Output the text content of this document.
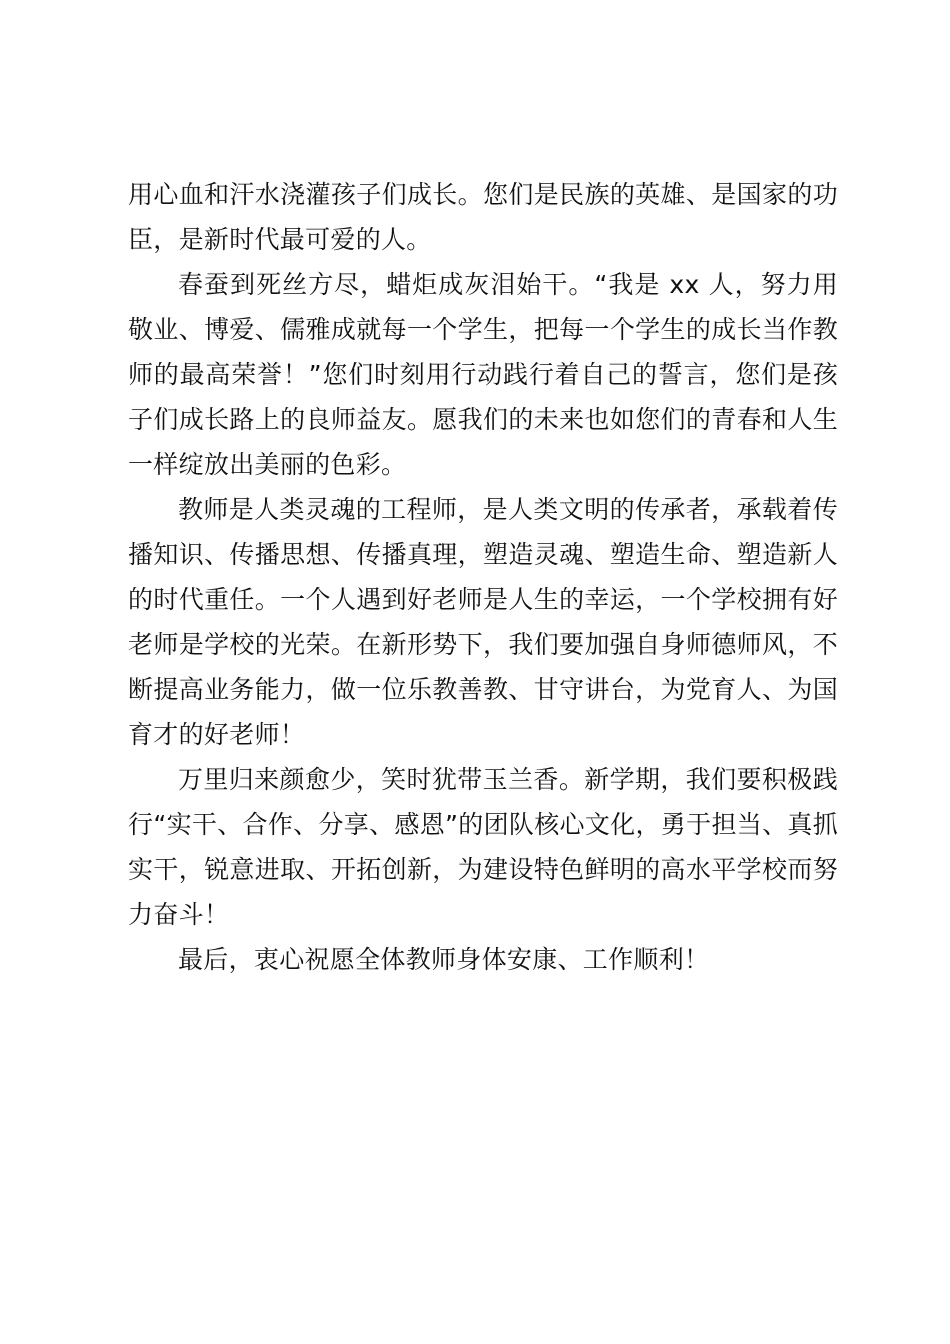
用心血和汗水浇灌孩子们成长。您们是民族的英雄、是国家的功臣，是新时代最可爱的人。

春蚕到死丝方尽，蜡炬成灰泪始干。“我是 xx 人，努力用敬业、博爱、儒雅成就每一个学生，把每一个学生的成长当作教师的最高荣誉！”您们时刻用行动践行着自己的誓言，您们是孩子们成长路上的良师益友。愿我们的未来也如您们的青春和人生一样绽放出美丽的色彩。

教师是人类灵魂的工程师，是人类文明的传承者，承载着传播知识、传播思想、传播真理，塑造灵魂、塑造生命、塑造新人的时代重任。一个人遇到好老师是人生的幸运，一个学校拥有好老师是学校的光荣。在新形势下，我们要加强自身师德师风，不断提高业务能力，做一位乐教善教、甘守讲台，为党育人、为国育才的好老师！

万里归来颜愈少，笑时犹带玉兰香。新学期，我们要积极践行“实干、合作、分享、感恩”的团队核心文化，勇于担当、真抓实干，锐意进取、开拓创新，为建设特色鲜明的高水平学校而努力奋斗！

最后，衷心祝愿全体教师身体安康、工作顺利！
